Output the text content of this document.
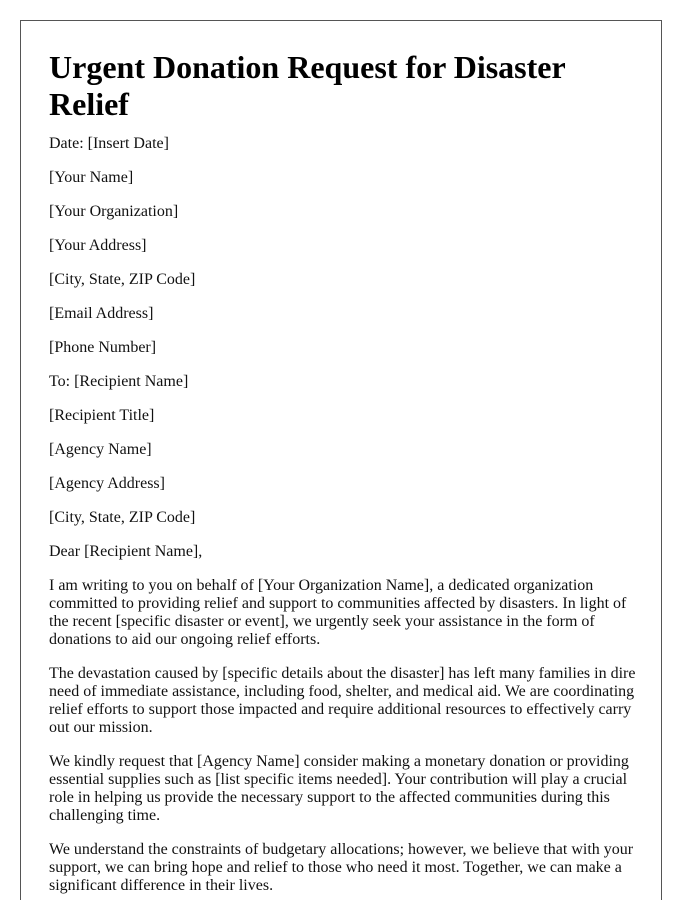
Urgent Donation Request for Disaster Relief

Date: [Insert Date]

[Your Name]

[Your Organization]

[Your Address]

[City, State, ZIP Code]

[Email Address]

[Phone Number]

To: [Recipient Name]

[Recipient Title]

[Agency Name]

[Agency Address]

[City, State, ZIP Code]

Dear [Recipient Name],

I am writing to you on behalf of [Your Organization Name], a dedicated organization committed to providing relief and support to communities affected by disasters. In light of the recent [specific disaster or event], we urgently seek your assistance in the form of donations to aid our ongoing relief efforts.

The devastation caused by [specific details about the disaster] has left many families in dire need of immediate assistance, including food, shelter, and medical aid. We are coordinating relief efforts to support those impacted and require additional resources to effectively carry out our mission.

We kindly request that [Agency Name] consider making a monetary donation or providing essential supplies such as [list specific items needed]. Your contribution will play a crucial role in helping us provide the necessary support to the affected communities during this challenging time.

We understand the constraints of budgetary allocations; however, we believe that with your support, we can bring hope and relief to those who need it most. Together, we can make a significant difference in their lives.
